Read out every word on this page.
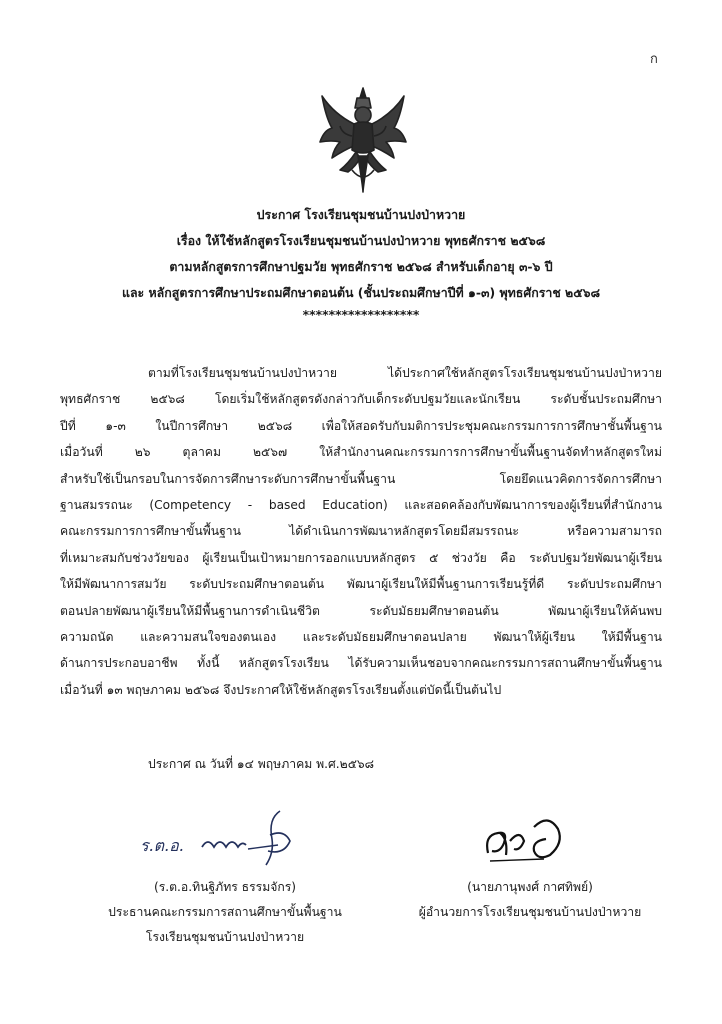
ก
ประกาศ โรงเรียนชุมชนบ้านปงป่าหวาย
เรื่อง ให้ใช้หลักสูตรโรงเรียนชุมชนบ้านปงป่าหวาย พุทธศักราช ๒๕๖๘
ตามหลักสูตรการศึกษาปฐมวัย พุทธศักราช ๒๕๖๘ สำหรับเด็กอายุ ๓-๖ ปี
และ หลักสูตรการศึกษาประถมศึกษาตอนต้น (ชั้นประถมศึกษาปีที่ ๑-๓) พุทธศักราช ๒๕๖๘
******************
ตามที่โรงเรียนชุมชนบ้านปงป่าหวาย ได้ประกาศใช้หลักสูตรโรงเรียนชุมชนบ้านปงป่าหวาย
พุทธศักราช ๒๕๖๘ โดยเริ่มใช้หลักสูตรดังกล่าวกับเด็กระดับปฐมวัยและนักเรียน ระดับชั้นประถมศึกษา
ปีที่ ๑-๓ ในปีการศึกษา ๒๕๖๘ เพื่อให้สอดรับกับมติการประชุมคณะกรรมการการศึกษาชั้นพื้นฐาน
เมื่อวันที่ ๒๖ ตุลาคม ๒๕๖๗ ให้สำนักงานคณะกรรมการการศึกษาขั้นพื้นฐานจัดทำหลักสูตรใหม่
สำหรับใช้เป็นกรอบในการจัดการศึกษาระดับการศึกษาขั้นพื้นฐาน โดยยึดแนวคิดการจัดการศึกษา
ฐานสมรรถนะ (Competency - based Education) และสอดคล้องกับพัฒนาการของผู้เรียนที่สำนักงาน
คณะกรรมการการศึกษาขั้นพื้นฐาน ได้ดำเนินการพัฒนาหลักสูตรโดยมีสมรรถนะ หรือความสามารถ
ที่เหมาะสมกับช่วงวัยของ ผู้เรียนเป็นเป้าหมายการออกแบบหลักสูตร ๕ ช่วงวัย คือ ระดับปฐมวัยพัฒนาผู้เรียน
ให้มีพัฒนาการสมวัย ระดับประถมศึกษาตอนต้น พัฒนาผู้เรียนให้มีพื้นฐานการเรียนรู้ที่ดี ระดับประถมศึกษา
ตอนปลายพัฒนาผู้เรียนให้มีพื้นฐานการดำเนินชีวิต ระดับมัธยมศึกษาตอนต้น พัฒนาผู้เรียนให้ค้นพบ
ความถนัด และความสนใจของตนเอง และระดับมัธยมศึกษาตอนปลาย พัฒนาให้ผู้เรียน ให้มีพื้นฐาน
ด้านการประกอบอาชีพ ทั้งนี้ หลักสูตรโรงเรียน ได้รับความเห็นชอบจากคณะกรรมการสถานศึกษาขั้นพื้นฐาน
เมื่อวันที่ ๑๓ พฤษภาคม ๒๕๖๘ จึงประกาศให้ใช้หลักสูตรโรงเรียนตั้งแต่บัดนี้เป็นต้นไป
ประกาศ ณ วันที่ ๑๔ พฤษภาคม พ.ศ.๒๕๖๘
ร.ต.อ.
(ร.ต.อ.ทินฐิภัทร ธรรมจักร)
ประธานคณะกรรมการสถานศึกษาขั้นพื้นฐาน
โรงเรียนชุมชนบ้านปงป่าหวาย
(นายภานุพงศ์ กาศทิพย์)
ผู้อำนวยการโรงเรียนชุมชนบ้านปงป่าหวาย
